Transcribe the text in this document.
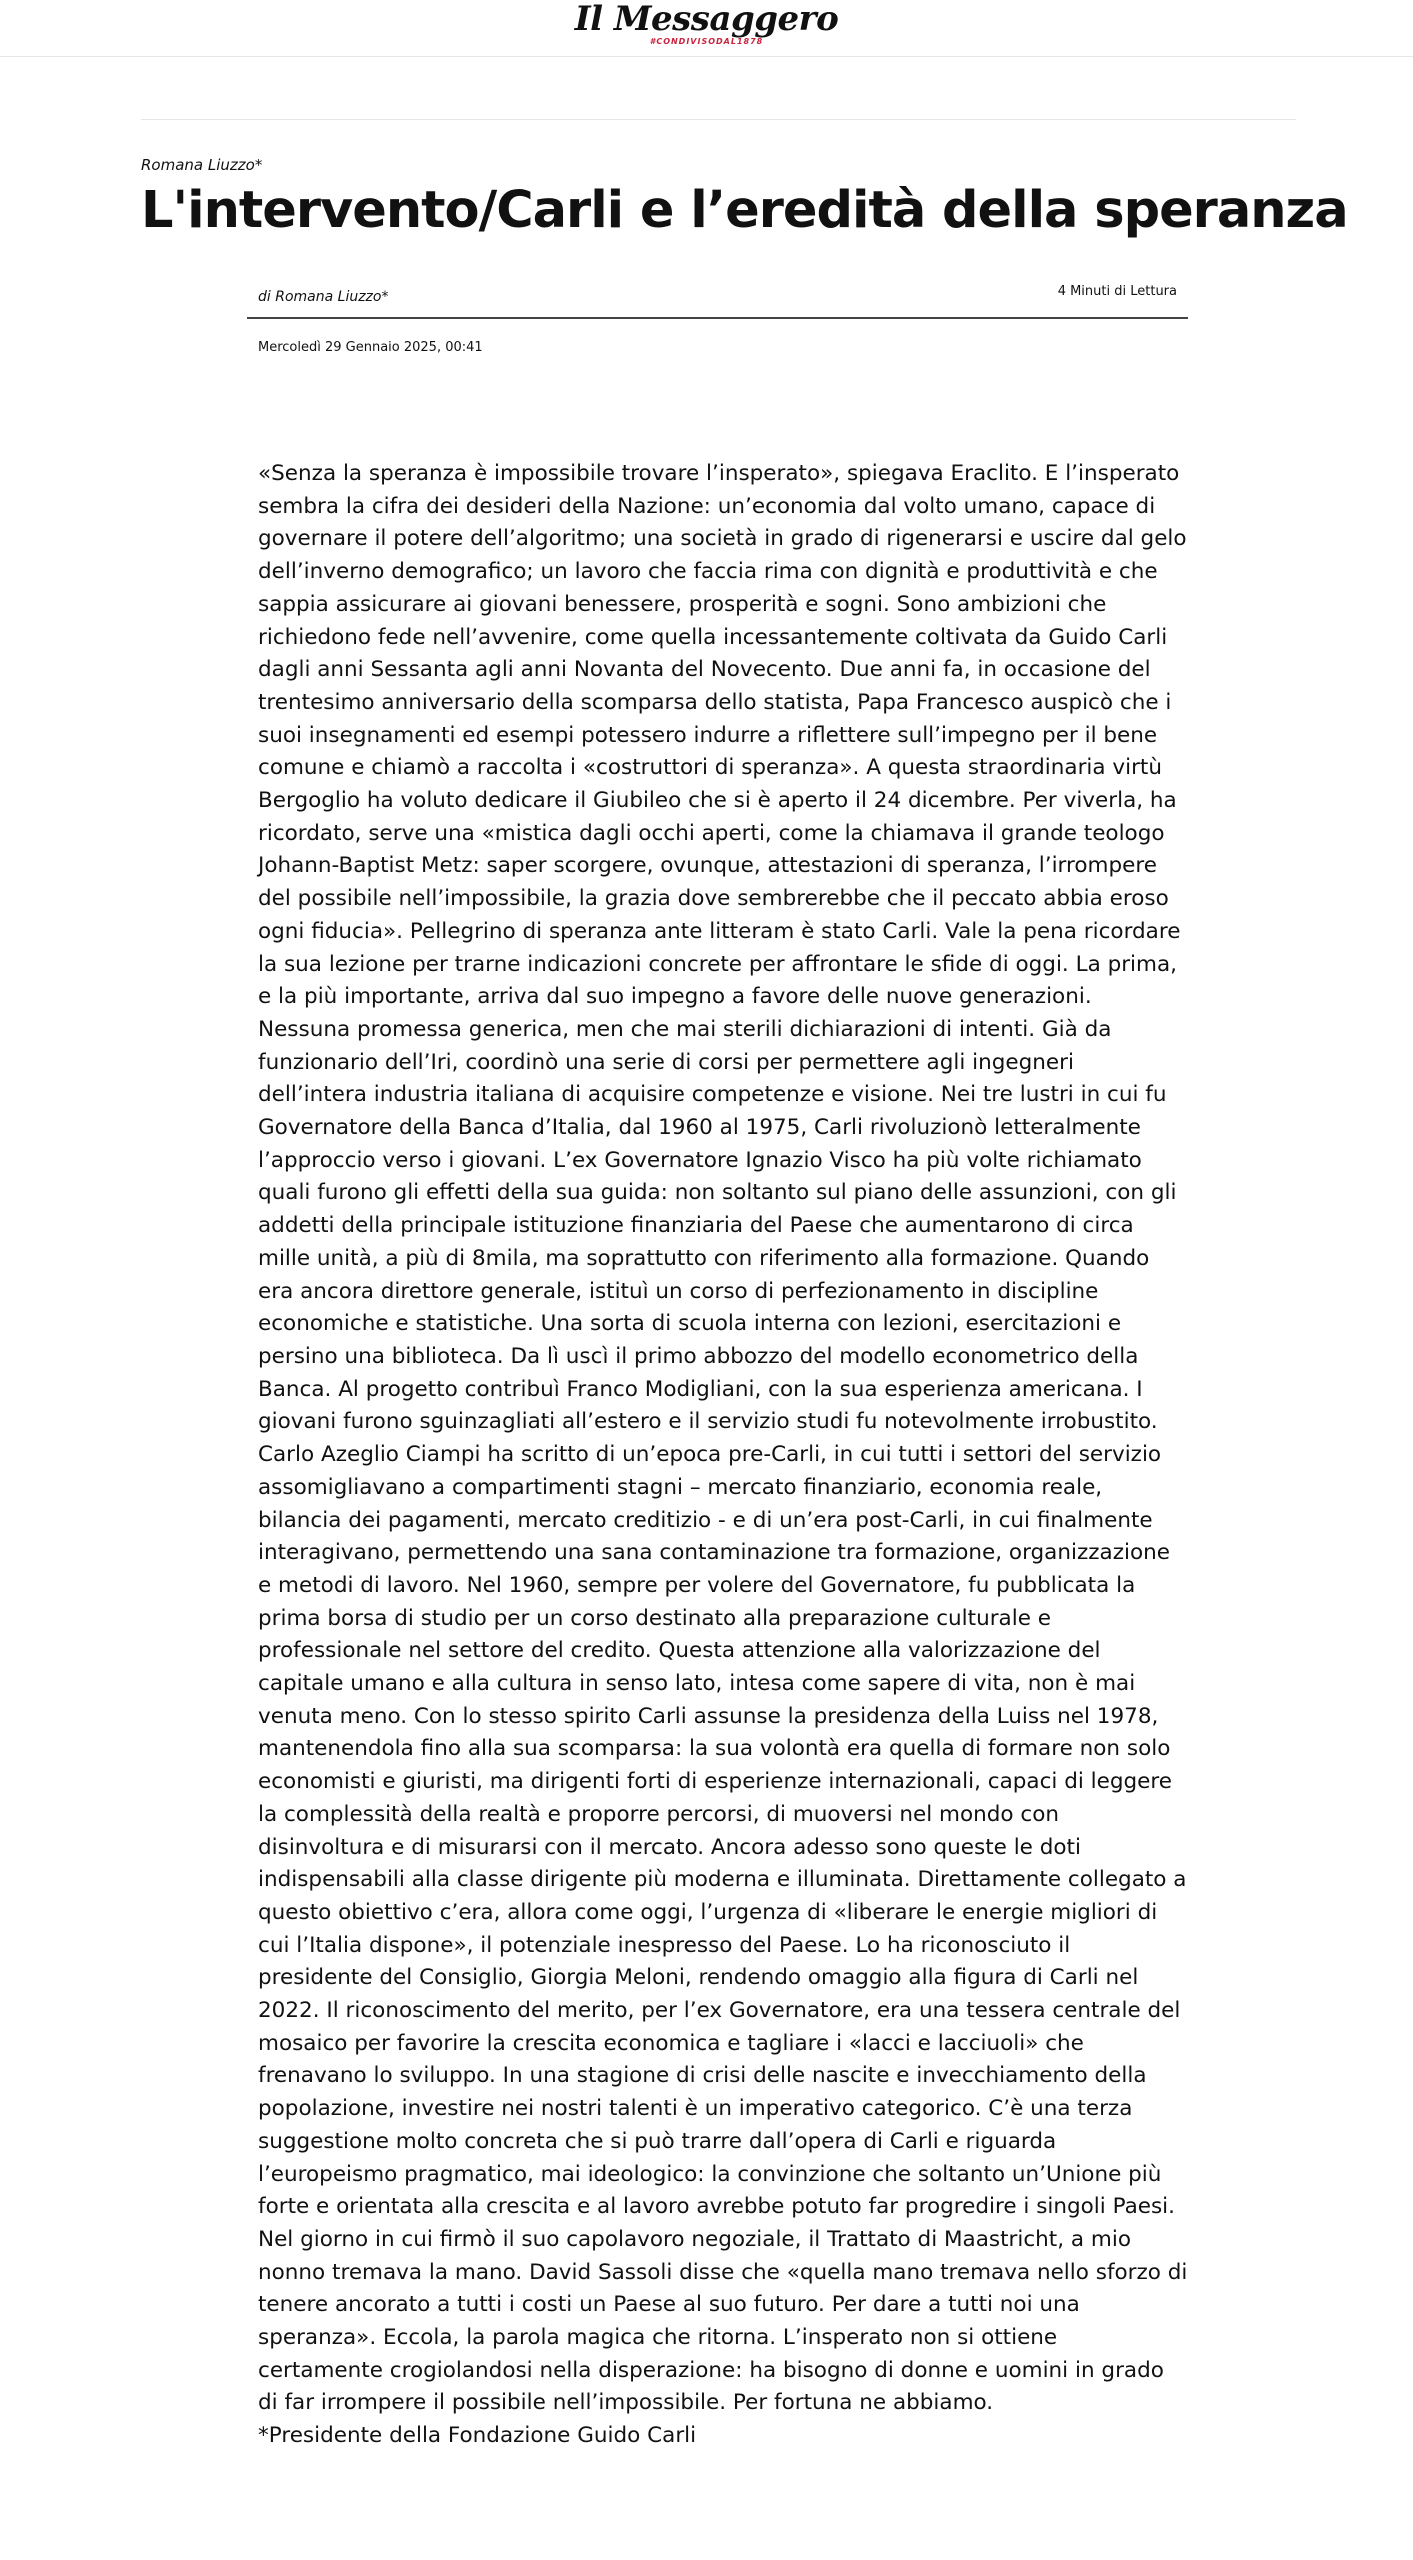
Il Messaggero
#CONDIVISODAL1878
Romana Liuzzo*
L'intervento/Carli e l’eredità della speranza
di Romana Liuzzo*	4 Minuti di Lettura
Mercoledì 29 Gennaio 2025, 00:41

«Senza la speranza è impossibile trovare l’insperato», spiegava Eraclito. E l’insperato sembra la cifra dei desideri della Nazione: un’economia dal volto umano, capace di governare il potere dell’algoritmo; una società in grado di rigenerarsi e uscire dal gelo dell’inverno demografico; un lavoro che faccia rima con dignità e produttività e che sappia assicurare ai giovani benessere, prosperità e sogni. Sono ambizioni che richiedono fede nell’avvenire, come quella incessantemente coltivata da Guido Carli dagli anni Sessanta agli anni Novanta del Novecento. Due anni fa, in occasione del trentesimo anniversario della scomparsa dello statista, Papa Francesco auspicò che i suoi insegnamenti ed esempi potessero indurre a riflettere sull’impegno per il bene comune e chiamò a raccolta i «costruttori di speranza». A questa straordinaria virtù Bergoglio ha voluto dedicare il Giubileo che si è aperto il 24 dicembre. Per viverla, ha ricordato, serve una «mistica dagli occhi aperti, come la chiamava il grande teologo Johann-Baptist Metz: saper scorgere, ovunque, attestazioni di speranza, l’irrompere del possibile nell’impossibile, la grazia dove sembrerebbe che il peccato abbia eroso ogni fiducia». Pellegrino di speranza ante litteram è stato Carli. Vale la pena ricordare la sua lezione per trarne indicazioni concrete per affrontare le sfide di oggi. La prima, e la più importante, arriva dal suo impegno a favore delle nuove generazioni. Nessuna promessa generica, men che mai sterili dichiarazioni di intenti. Già da funzionario dell’Iri, coordinò una serie di corsi per permettere agli ingegneri dell’intera industria italiana di acquisire competenze e visione. Nei tre lustri in cui fu Governatore della Banca d’Italia, dal 1960 al 1975, Carli rivoluzionò letteralmente l’approccio verso i giovani. L’ex Governatore Ignazio Visco ha più volte richiamato quali furono gli effetti della sua guida: non soltanto sul piano delle assunzioni, con gli addetti della principale istituzione finanziaria del Paese che aumentarono di circa mille unità, a più di 8mila, ma soprattutto con riferimento alla formazione. Quando era ancora direttore generale, istituì un corso di perfezionamento in discipline economiche e statistiche. Una sorta di scuola interna con lezioni, esercitazioni e persino una biblioteca. Da lì uscì il primo abbozzo del modello econometrico della Banca. Al progetto contribuì Franco Modigliani, con la sua esperienza americana. I giovani furono sguinzagliati all’estero e il servizio studi fu notevolmente irrobustito. Carlo Azeglio Ciampi ha scritto di un’epoca pre-Carli, in cui tutti i settori del servizio assomigliavano a compartimenti stagni – mercato finanziario, economia reale, bilancia dei pagamenti, mercato creditizio - e di un’era post-Carli, in cui finalmente interagivano, permettendo una sana contaminazione tra formazione, organizzazione e metodi di lavoro. Nel 1960, sempre per volere del Governatore, fu pubblicata la prima borsa di studio per un corso destinato alla preparazione culturale e professionale nel settore del credito. Questa attenzione alla valorizzazione del capitale umano e alla cultura in senso lato, intesa come sapere di vita, non è mai venuta meno. Con lo stesso spirito Carli assunse la presidenza della Luiss nel 1978, mantenendola fino alla sua scomparsa: la sua volontà era quella di formare non solo economisti e giuristi, ma dirigenti forti di esperienze internazionali, capaci di leggere la complessità della realtà e proporre percorsi, di muoversi nel mondo con disinvoltura e di misurarsi con il mercato. Ancora adesso sono queste le doti indispensabili alla classe dirigente più moderna e illuminata. Direttamente collegato a questo obiettivo c’era, allora come oggi, l’urgenza di «liberare le energie migliori di cui l’Italia dispone», il potenziale inespresso del Paese. Lo ha riconosciuto il presidente del Consiglio, Giorgia Meloni, rendendo omaggio alla figura di Carli nel 2022. Il riconoscimento del merito, per l’ex Governatore, era una tessera centrale del mosaico per favorire la crescita economica e tagliare i «lacci e lacciuoli» che frenavano lo sviluppo. In una stagione di crisi delle nascite e invecchiamento della popolazione, investire nei nostri talenti è un imperativo categorico. C’è una terza suggestione molto concreta che si può trarre dall’opera di Carli e riguarda l’europeismo pragmatico, mai ideologico: la convinzione che soltanto un’Unione più forte e orientata alla crescita e al lavoro avrebbe potuto far progredire i singoli Paesi. Nel giorno in cui firmò il suo capolavoro negoziale, il Trattato di Maastricht, a mio nonno tremava la mano. David Sassoli disse che «quella mano tremava nello sforzo di tenere ancorato a tutti i costi un Paese al suo futuro. Per dare a tutti noi una speranza». Eccola, la parola magica che ritorna. L’insperato non si ottiene certamente crogiolandosi nella disperazione: ha bisogno di donne e uomini in grado di far irrompere il possibile nell’impossibile. Per fortuna ne abbiamo.

*Presidente della Fondazione Guido Carli
